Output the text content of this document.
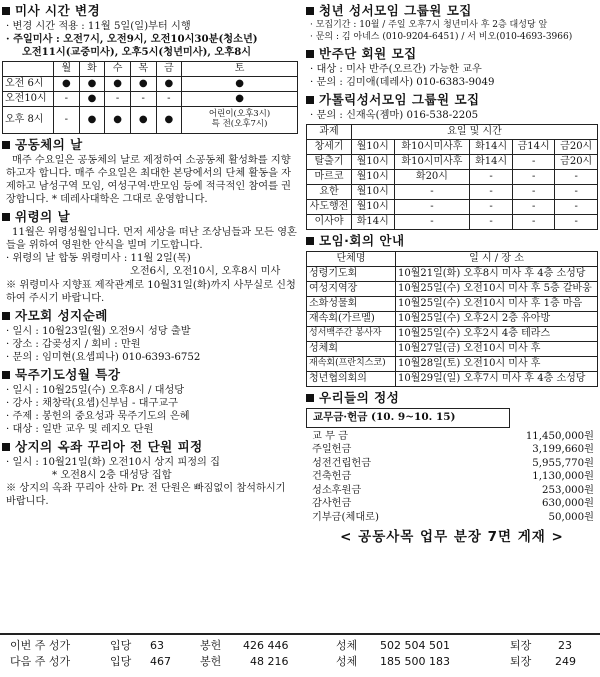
미사 시간 변경

· 변경 시간 적용 : 11월 5일(일)부터 시행

· 주일미사 : 오전7시, 오전9시, 오전10시30분(청소년)

오전11시(교중미사), 오후5시(청년미사), 오후8시

	월	화	수	목	금	토
오전 6시	●	●	●	●	●	●
오전10시	-	●	-	-	-	●
오후 8시	-	●	●	●	●	어린이(오후3시)
특 전(오후7시)
공동체의 날

매주 수요일은 공동체의 날로 제정하여 소공동체 활성화를 지향하고자 합니다. 매주 수요일은 최대한 본당에서의 단체 활동을 자제하고 남성구역 모임, 여성구역·반모임 등에 적극적인 참여를 권장합니다. * 데레사대학은 그대로 운영합니다.

위령의 날

11월은 위령성월입니다. 먼저 세상을 떠난 조상님들과 모든 영혼들을 위하여 영원한 안식을 빌며 기도합니다.

· 위령의 날 합동 위령미사 : 11월 2일(목)

오전6시, 오전10시, 오후8시 미사

※ 위령미사 지향표 제작관계로 10월31일(화)까지 사무실로 신청하여 주시기 바랍니다.

자모회 성지순례

· 일시 : 10월23일(월) 오전9시 성당 출발

· 장소 : 갑곶성지 / 회비 : 만원

· 문의 : 임미현(요셉피나) 010-6393-6752

묵주기도성월 특강

· 일시 : 10월25일(수) 오후8시 / 대성당

· 강사 : 채창락(요셉)신부님 - 대구교구

· 주제 : 봉헌의 중요성과 묵주기도의 은혜

· 대상 : 일반 교우 및 레지오 단원

상지의 옥좌 꾸리아 전 단원 피정

· 일시 : 10월21일(화) 오전10시 상지 피정의 집

* 오전8시 2층 대성당 집합

※ 상지의 옥좌 꾸리아 산하 Pr. 전 단원은 빠짐없이 참석하시기 바랍니다.

청년 성서모임 그룹원 모집

· 모집기간 : 10월 / 주일 오후7시 청년미사 후 2층 대성당 앞

· 문의 : 김 아네스 (010-9204-6451) / 서 비오(010-4693-3966)

반주단 회원 모집

· 대상 : 미사 반주(오르간) 가능한 교우

· 문의 : 김미애(데레사) 010-6383-9049

가톨릭성서모임 그룹원 모집

· 문의 : 신재옥(젬마) 016-538-2205

과제	요일 및 시간				
창세기	월10시	화10시미사후	화14시	금14시	금20시
탈출기	월10시	화10시미사후	화14시	-	금20시
마르코	월10시	화20시	-	-	-
요한	월10시	-	-	-	-
사도행전	월10시	-	-	-	-
이사야	화14시	-	-	-	-
모임·회의 안내
단체명	일 시 / 장 소
성령기도회	10월21일(화) 오후8시 미사 후 4층 소성당
여성지역장	10월25일(수) 오전10시 미사 후 5층 갈바웅
소화성물회	10월25일(수) 오전10시 미사 후 1층 마음
재속회(가르멜)	10월25일(수) 오후2시 2층 유아방
성서백주간 봉사자	10월25일(수) 오후2시 4층 테라스
성체회	10월27일(금) 오전10시 미사 후
재속회(프란치스코)	10월28일(토) 오전10시 미사 후
청년협의회의	10월29일(일) 오후7시 미사 후 4층 소성당
우리들의 정성
교무금·헌금 (10. 9~10. 15)
교 무 금	11,450,000원
주일헌금	3,199,660원
성전건립헌금	5,955,770원
건축헌금	1,130,000원
성소후원금	253,000원
감사헌금	630,000원
기부금(체대로)	50,000원
< 공동사목 업무 분장 7면 게재 >
이번 주 성가	입당 63	봉헌 426 446	성체 502 504 501	퇴장 23
다음 주 성가	입당 467	봉헌	48 216	성체 185 500 183	퇴장 249
